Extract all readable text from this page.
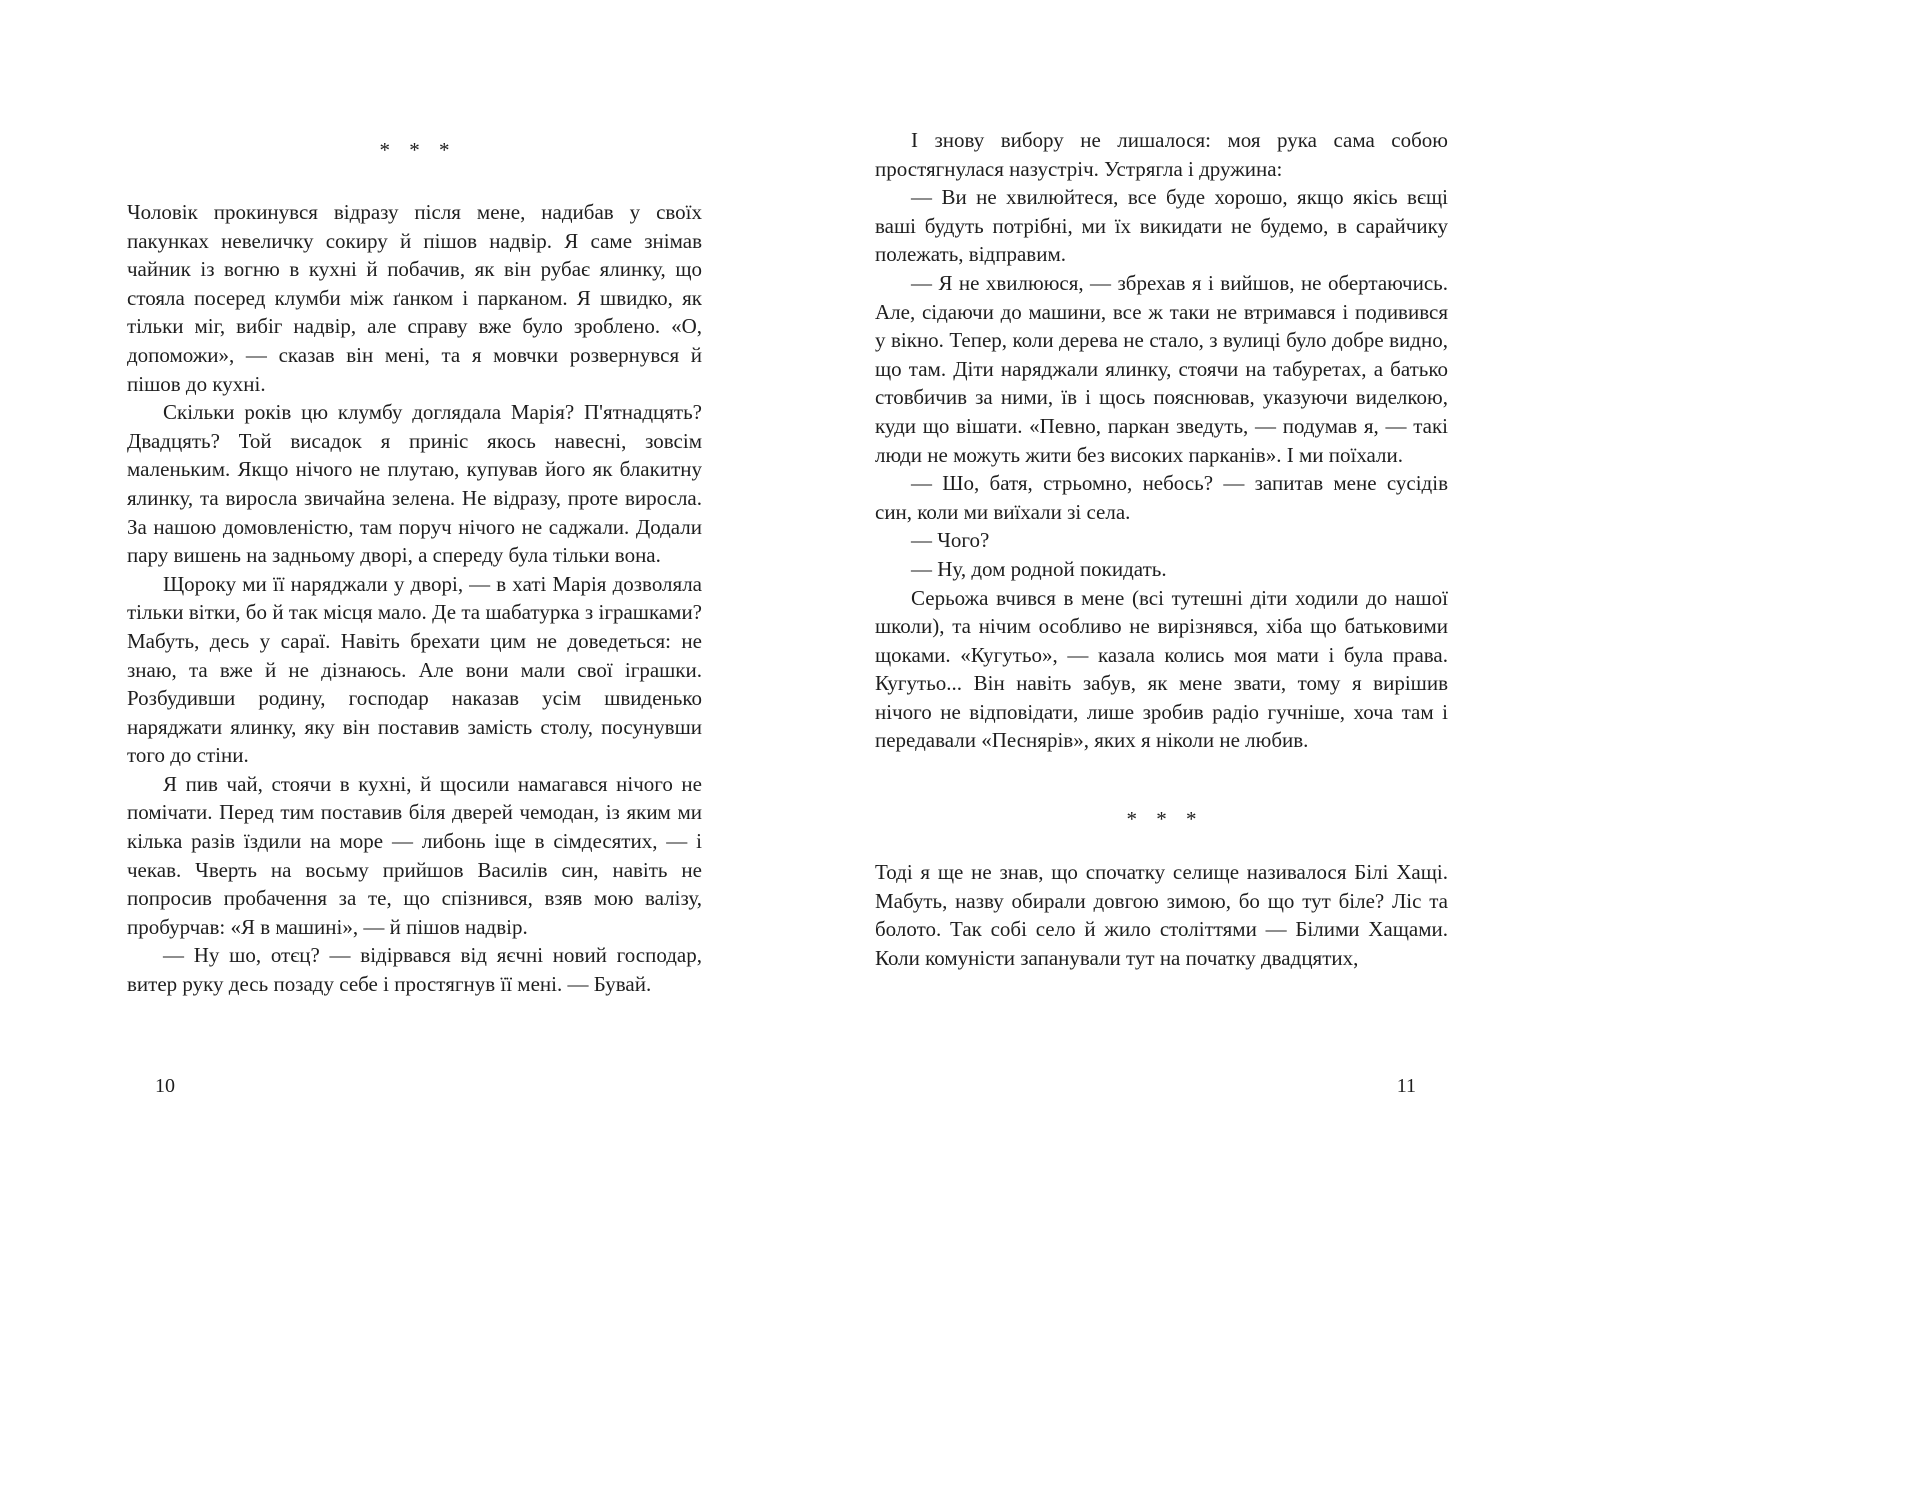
* * *

Чоловік прокинувся відразу після мене, надибав у своїх пакунках невеличку сокиру й пішов надвір. Я саме знімав чайник із вогню в кухні й побачив, як він рубає ялинку, що стояла посеред клумби між ґанком і парканом. Я швидко, як тільки міг, вибіг надвір, але справу вже було зроблено. «О, допоможи», — сказав він мені, та я мовчки розвернувся й пішов до кухні.

Скільки років цю клумбу доглядала Марія? П'ятнадцять? Двадцять? Той висадок я приніс якось навесні, зовсім маленьким. Якщо нічого не плутаю, купував його як блакитну ялинку, та виросла звичайна зелена. Не відразу, проте виросла. За нашою домовленістю, там поруч нічого не саджали. Додали пару вишень на задньому дворі, а спереду була тільки вона.

Щороку ми її наряджали у дворі, — в хаті Марія дозволяла тільки вітки, бо й так місця мало. Де та шабатурка з іграшками? Мабуть, десь у сараї. Навіть брехати цим не доведеться: не знаю, та вже й не дізнаюсь. Але вони мали свої іграшки. Розбудивши родину, господар наказав усім швиденько наряджати ялинку, яку він поставив замість столу, посунувши того до стіни.

Я пив чай, стоячи в кухні, й щосили намагався нічого не помічати. Перед тим поставив біля дверей чемодан, із яким ми кілька разів їздили на море — либонь іще в сімдесятих, — і чекав. Чверть на восьму прийшов Василів син, навіть не попросив пробачення за те, що спізнився, взяв мою валізу, пробурчав: «Я в машині», — й пішов надвір.

— Ну шо, отєц? — відірвався від яєчні новий господар, витер руку десь позаду себе і простягнув її мені. — Бувай.

10

І знову вибору не лишалося: моя рука сама собою простягнулася назустріч. Устрягла і дружина:

— Ви не хвилюйтеся, все буде хорошо, якщо якісь вєщі ваші будуть потрібні, ми їх викидати не будемо, в сарайчику полежать, відправим.

— Я не хвилююся, — збрехав я і вийшов, не обертаючись. Але, сідаючи до машини, все ж таки не втримався і подивився у вікно. Тепер, коли дерева не стало, з вулиці було добре видно, що там. Діти наряджали ялинку, стоячи на табуретах, а батько стовбичив за ними, їв і щось пояснював, указуючи виделкою, куди що вішати. «Певно, паркан зведуть, — подумав я, — такі люди не можуть жити без високих парканів». І ми поїхали.

— Шо, батя, стрьомно, небось? — запитав мене сусідів син, коли ми виїхали зі села.

— Чого?

— Ну, дом родной покидать.

Серьожа вчився в мене (всі тутешні діти ходили до нашої школи), та нічим особливо не вирізнявся, хіба що батьковими щоками. «Кугутьо», — казала колись моя мати і була права. Кугутьо... Він навіть забув, як мене звати, тому я вирішив нічого не відповідати, лише зробив радіо гучніше, хоча там і передавали «Песнярів», яких я ніколи не любив.

* * *

Тоді я ще не знав, що спочатку селище називалося Білі Хащі. Мабуть, назву обирали довгою зимою, бо що тут біле? Ліс та болото. Так собі село й жило століттями — Білими Хащами. Коли комуністи запанували тут на початку двадцятих,

11
